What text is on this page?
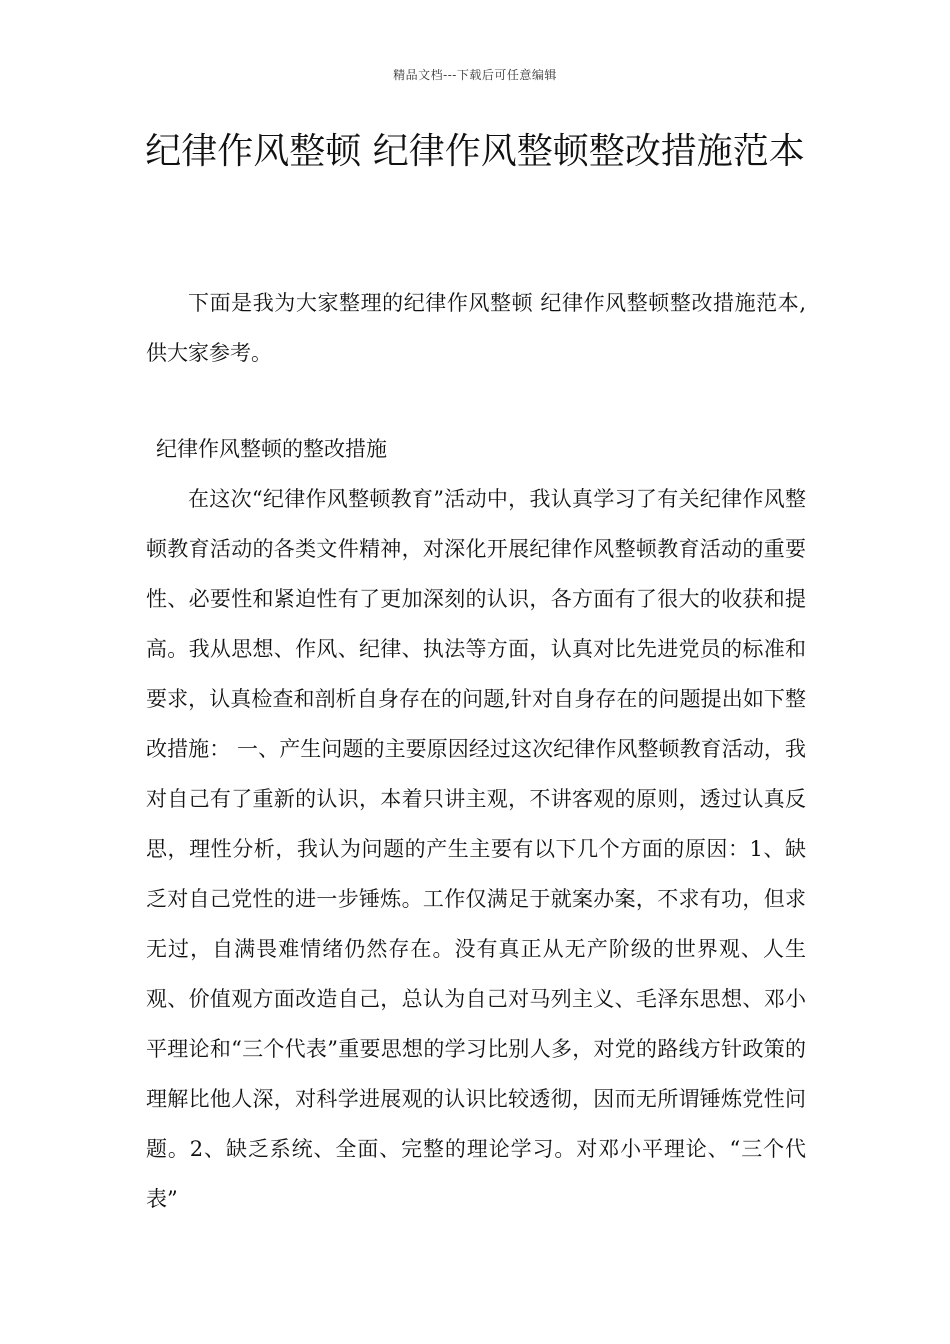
精品文档---下载后可任意编辑
纪律作风整顿 纪律作风整顿整改措施范本

下面是我为大家整理的纪律作风整顿 纪律作风整顿整改措施范本,供大家参考。

纪律作风整顿的整改措施

在这次“纪律作风整顿教育”活动中，我认真学习了有关纪律作风整顿教育活动的各类文件精神，对深化开展纪律作风整顿教育活动的重要性、必要性和紧迫性有了更加深刻的认识，各方面有了很大的收获和提高。我从思想、作风、纪律、执法等方面，认真对比先进党员的标准和要求，认真检查和剖析自身存在的问题,针对自身存在的问题提出如下整改措施： 一、产生问题的主要原因经过这次纪律作风整顿教育活动，我对自己有了重新的认识，本着只讲主观，不讲客观的原则，透过认真反思，理性分析，我认为问题的产生主要有以下几个方面的原因：1、缺乏对自己党性的进一步锤炼。工作仅满足于就案办案，不求有功，但求无过，自满畏难情绪仍然存在。没有真正从无产阶级的世界观、人生观、价值观方面改造自己，总认为自己对马列主义、毛泽东思想、邓小平理论和“三个代表”重要思想的学习比别人多，对党的路线方针政策的理解比他人深，对科学进展观的认识比较透彻，因而无所谓锤炼党性问题。2、缺乏系统、全面、完整的理论学习。对邓小平理论、“三个代表”
